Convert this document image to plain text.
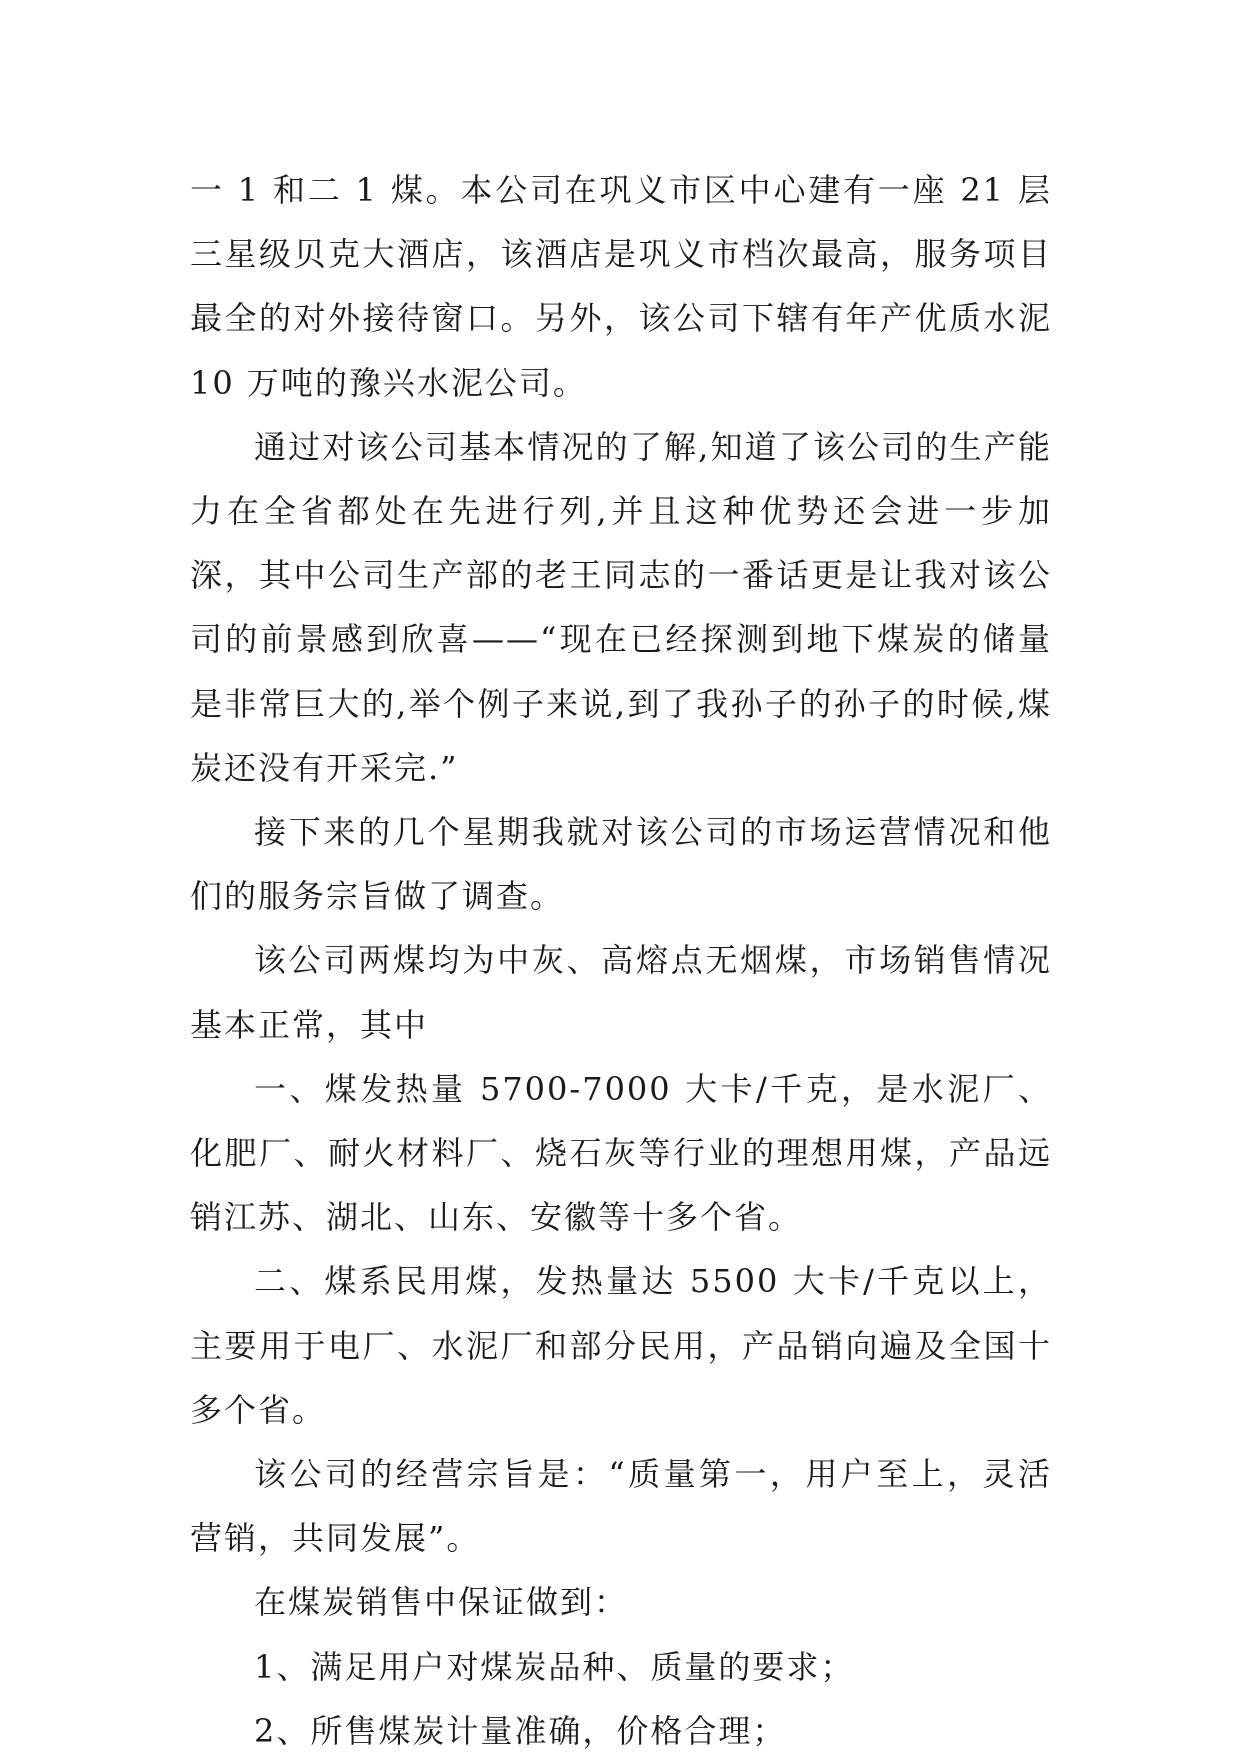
一 1 和二 1 煤。本公司在巩义市区中心建有一座 21 层三星级贝克大酒店，该酒店是巩义市档次最高，服务项目最全的对外接待窗口。另外，该公司下辖有年产优质水泥 10 万吨的豫兴水泥公司。

通过对该公司基本情况的了解,知道了该公司的生产能力在全省都处在先进行列,并且这种优势还会进一步加深，其中公司生产部的老王同志的一番话更是让我对该公司的前景感到欣喜——“现在已经探测到地下煤炭的储量是非常巨大的,举个例子来说,到了我孙子的孙子的时候,煤炭还没有开采完.”

接下来的几个星期我就对该公司的市场运营情况和他们的服务宗旨做了调查。

该公司两煤均为中灰、高熔点无烟煤，市场销售情况基本正常，其中

一、煤发热量 5700-7000 大卡/千克，是水泥厂、化肥厂、耐火材料厂、烧石灰等行业的理想用煤，产品远销江苏、湖北、山东、安徽等十多个省。

二、煤系民用煤，发热量达 5500 大卡/千克以上，主要用于电厂、水泥厂和部分民用，产品销向遍及全国十多个省。

该公司的经营宗旨是：“质量第一，用户至上，灵活营销，共同发展”。

在煤炭销售中保证做到：

1、满足用户对煤炭品种、质量的要求；

2、所售煤炭计量准确，价格合理；
